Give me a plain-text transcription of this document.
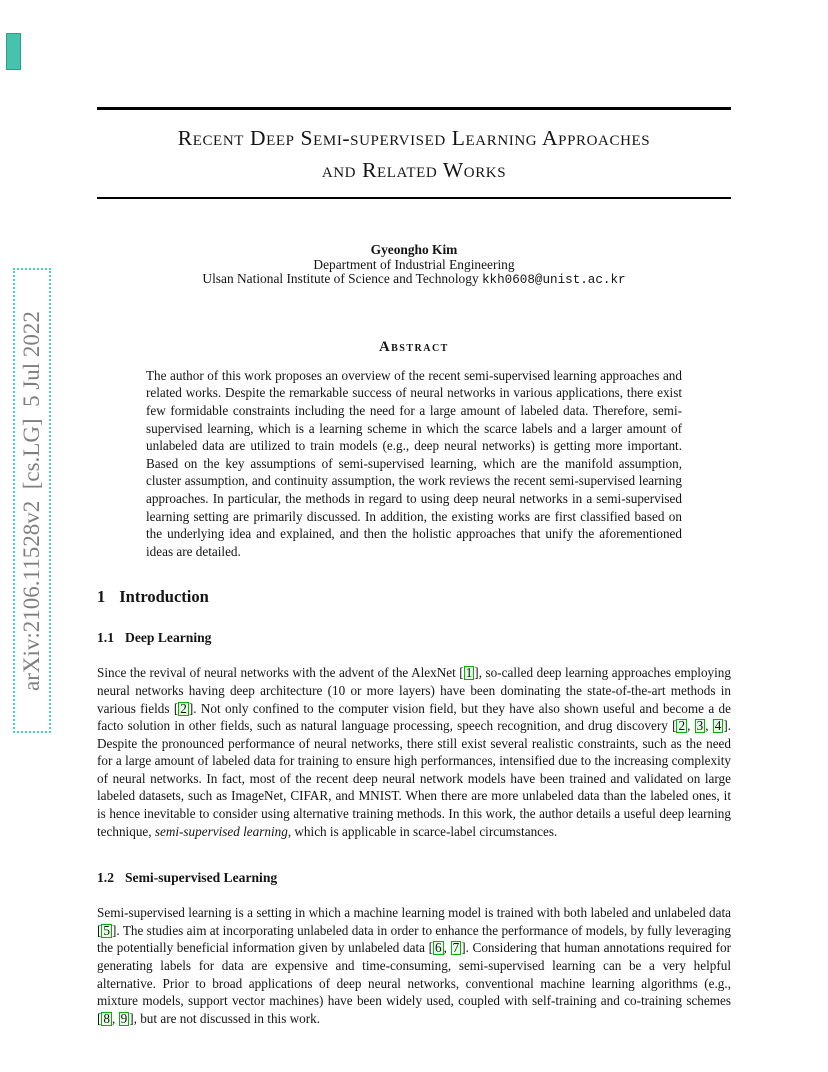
arXiv:2106.11528v2  [cs.LG]  5 Jul 2022
Recent Deep Semi-supervised Learning Approaches
and Related Works
Gyeongho Kim
Department of Industrial Engineering
Ulsan National Institute of Science and Technology kkh0608@unist.ac.kr
Abstract

The author of this work proposes an overview of the recent semi-supervised learning approaches and related works. Despite the remarkable success of neural networks in various applications, there exist few formidable constraints including the need for a large amount of labeled data. Therefore, semi-supervised learning, which is a learning scheme in which the scarce labels and a larger amount of unlabeled data are utilized to train models (e.g., deep neural networks) is getting more important. Based on the key assumptions of semi-supervised learning, which are the manifold assumption, cluster assumption, and continuity assumption, the work reviews the recent semi-supervised learning approaches. In particular, the methods in regard to using deep neural networks in a semi-supervised learning setting are primarily discussed. In addition, the existing works are first classified based on the underlying idea and explained, and then the holistic approaches that unify the aforementioned ideas are detailed.

1 Introduction
1.1 Deep Learning

Since the revival of neural networks with the advent of the AlexNet [ 1 ], so-called deep learning approaches employing neural networks having deep architecture (10 or more layers) have been dominating the state-of-the-art methods in various fields [ 2 ]. Not only confined to the computer vision field, but they have also shown useful and become a de facto solution in other fields, such as natural language processing, speech recognition, and drug discovery [ 2 , 3 , 4 ]. Despite the pronounced performance of neural networks, there still exist several realistic constraints, such as the need for a large amount of labeled data for training to ensure high performances, intensified due to the increasing complexity of neural networks. In fact, most of the recent deep neural network models have been trained and validated on large labeled datasets, such as ImageNet, CIFAR, and MNIST. When there are more unlabeled data than the labeled ones, it is hence inevitable to consider using alternative training methods. In this work, the author details a useful deep learning technique, semi-supervised learning, which is applicable in scarce-label circumstances.

1.2 Semi-supervised Learning

Semi-supervised learning is a setting in which a machine learning model is trained with both labeled and unlabeled data [ 5 ]. The studies aim at incorporating unlabeled data in order to enhance the performance of models, by fully leveraging the potentially beneficial information given by unlabeled data [ 6 , 7 ]. Considering that human annotations required for generating labels for data are expensive and time-consuming, semi-supervised learning can be a very helpful alternative. Prior to broad applications of deep neural networks, conventional machine learning algorithms (e.g., mixture models, support vector machines) have been widely used, coupled with self-training and co-training schemes [ 8 , 9 ], but are not discussed in this work.
